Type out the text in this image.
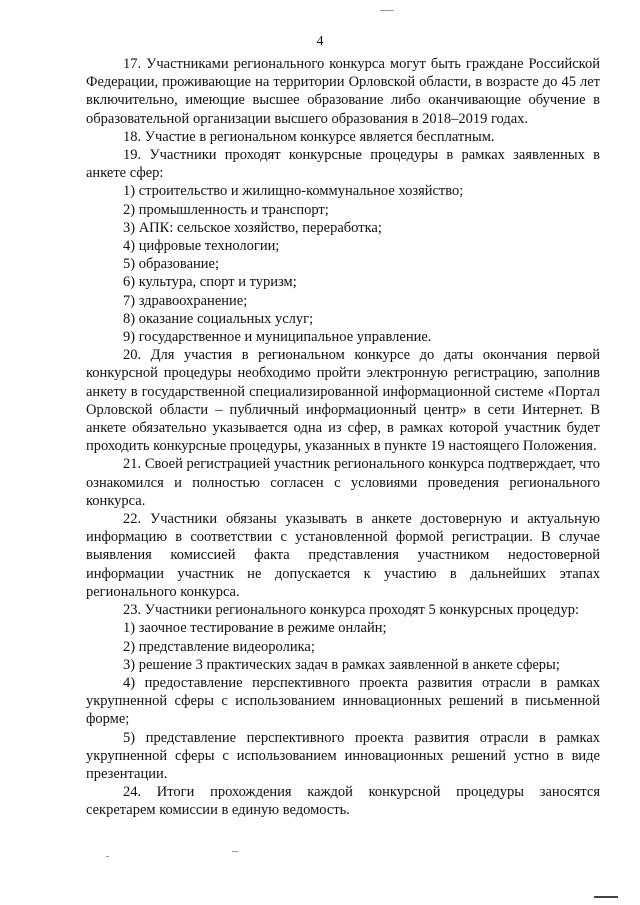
4

17. Участниками регионального конкурса могут быть граждане Российской Федерации, проживающие на территории Орловской области, в возрасте до 45 лет включительно, имеющие высшее образование либо оканчивающие обучение в образовательной организации высшего образования в 2018–2019 годах.

18. Участие в региональном конкурсе является бесплатным.

19. Участники проходят конкурсные процедуры в рамках заявленных в анкете сфер:

1) строительство и жилищно-коммунальное хозяйство;

2) промышленность и транспорт;

3) АПК: сельское хозяйство, переработка;

4) цифровые технологии;

5) образование;

6) культура, спорт и туризм;

7) здравоохранение;

8) оказание социальных услуг;

9) государственное и муниципальное управление.

20. Для участия в региональном конкурсе до даты окончания первой конкурсной процедуры необходимо пройти электронную регистрацию, заполнив анкету в государственной специализированной информационной системе «Портал Орловской области – публичный информационный центр» в сети Интернет. В анкете обязательно указывается одна из сфер, в рамках которой участник будет проходить конкурсные процедуры, указанных в пункте 19 настоящего Положения.

21. Своей регистрацией участник регионального конкурса подтверждает, что ознакомился и полностью согласен с условиями проведения регионального конкурса.

22. Участники обязаны указывать в анкете достоверную и актуальную информацию в соответствии с установленной формой регистрации. В случае выявления комиссией факта представления участником недостоверной информации участник не допускается к участию в дальнейших этапах регионального конкурса.

23. Участники регионального конкурса проходят 5 конкурсных процедур:

1) заочное тестирование в режиме онлайн;

2) представление видеоролика;

3) решение 3 практических задач в рамках заявленной в анкете сферы;

4) предоставление перспективного проекта развития отрасли в рамках укрупненной сферы с использованием инновационных решений в письменной форме;

5) представление перспективного проекта развития отрасли в рамках укрупненной сферы с использованием инновационных решений устно в виде презентации.

24. Итоги прохождения каждой конкурсной процедуры заносятся секретарем комиссии в единую ведомость.
